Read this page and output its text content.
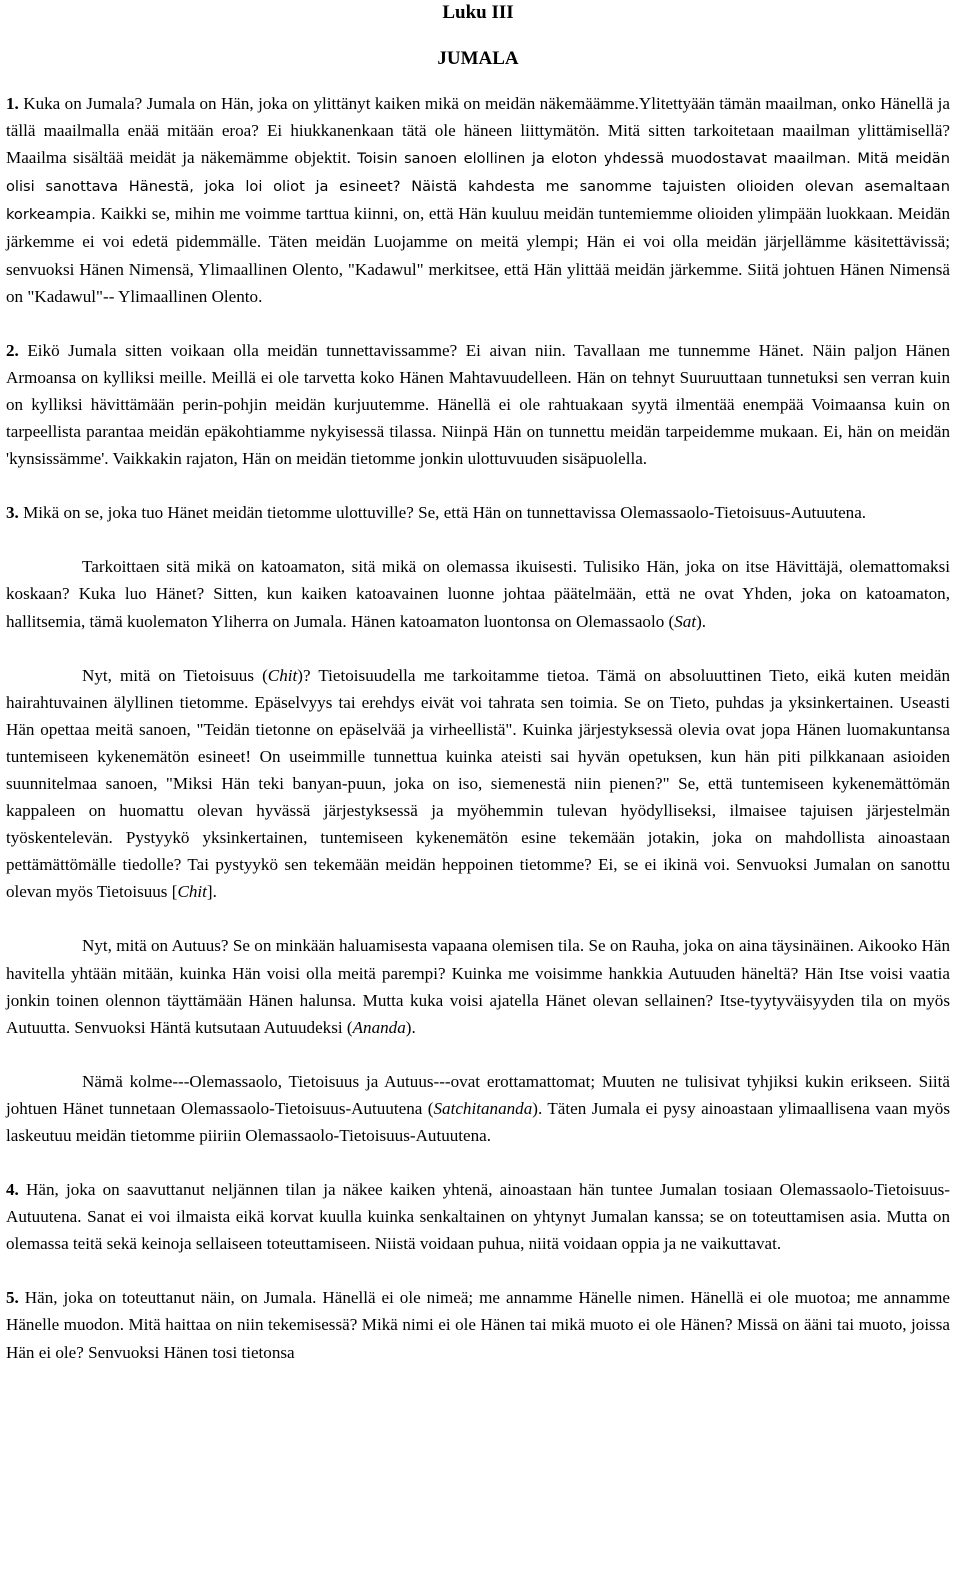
Luku III
JUMALA

1. Kuka on Jumala? Jumala on Hän, joka on ylittänyt kaiken mikä on meidän näkemäämme.Ylitettyään tämän maailman, onko Hänellä ja tällä maailmalla enää mitään eroa? Ei hiukkanenkaan tätä ole häneen liittymätön. Mitä sitten tarkoitetaan maailman ylittämisellä? Maailma sisältää meidät ja näkemämme objektit. Toisin sanoen elollinen ja eloton yhdessä muodostavat maailman. Mitä meidän olisi sanottava Hänestä, joka loi oliot ja esineet? Näistä kahdesta me sanomme tajuisten olioiden olevan asemaltaan korkeampia. Kaikki se, mihin me voimme tarttua kiinni, on, että Hän kuuluu meidän tuntemiemme olioiden ylimpään luokkaan. Meidän järkemme ei voi edetä pidemmälle. Täten meidän Luojamme on meitä ylempi; Hän ei voi olla meidän järjellämme käsitettävissä; senvuoksi Hänen Nimensä, Ylimaallinen Olento, "Kadawul" merkitsee, että Hän ylittää meidän järkemme. Siitä johtuen Hänen Nimensä on "Kadawul"-- Ylimaallinen Olento.

2. Eikö Jumala sitten voikaan olla meidän tunnettavissamme? Ei aivan niin. Tavallaan me tunnemme Hänet. Näin paljon Hänen Armoansa on kylliksi meille. Meillä ei ole tarvetta koko Hänen Mahtavuudelleen. Hän on tehnyt Suuruuttaan tunnetuksi sen verran kuin on kylliksi hävittämään perin-pohjin meidän kurjuutemme. Hänellä ei ole rahtuakaan syytä ilmentää enempää Voimaansa kuin on tarpeellista parantaa meidän epäkohtiamme nykyisessä tilassa. Niinpä Hän on tunnettu meidän tarpeidemme mukaan. Ei, hän on meidän 'kynsissämme'. Vaikkakin rajaton, Hän on meidän tietomme jonkin ulottuvuuden sisäpuolella.

3. Mikä on se, joka tuo Hänet meidän tietomme ulottuville? Se, että Hän on tunnettavissa Olemassaolo-Tietoisuus-Autuutena.

Tarkoittaen sitä mikä on katoamaton, sitä mikä on olemassa ikuisesti. Tulisiko Hän, joka on itse Hävittäjä, olemattomaksi koskaan? Kuka luo Hänet? Sitten, kun kaiken katoavainen luonne johtaa päätelmään, että ne ovat Yhden, joka on katoamaton, hallitsemia, tämä kuolematon Yliherra on Jumala. Hänen katoamaton luontonsa on Olemassaolo (Sat).

Nyt, mitä on Tietoisuus (Chit)? Tietoisuudella me tarkoitamme tietoa. Tämä on absoluuttinen Tieto, eikä kuten meidän hairahtuvainen älyllinen tietomme. Epäselvyys tai erehdys eivät voi tahrata sen toimia. Se on Tieto, puhdas ja yksinkertainen. Useasti Hän opettaa meitä sanoen, "Teidän tietonne on epäselvää ja virheellistä". Kuinka järjestyksessä olevia ovat jopa Hänen luomakuntansa tuntemiseen kykenemätön esineet! On useimmille tunnettua kuinka ateisti sai hyvän opetuksen, kun hän piti pilkkanaan asioiden suunnitelmaa sanoen, "Miksi Hän teki banyan-puun, joka on iso, siemenestä niin pienen?" Se, että tuntemiseen kykenemättömän kappaleen on huomattu olevan hyvässä järjestyksessä ja myöhemmin tulevan hyödylliseksi, ilmaisee tajuisen järjestelmän työskentelevän. Pystyykö yksinkertainen, tuntemiseen kykenemätön esine tekemään jotakin, joka on mahdollista ainoastaan pettämättömälle tiedolle? Tai pystyykö sen tekemään meidän heppoinen tietomme? Ei, se ei ikinä voi. Senvuoksi Jumalan on sanottu olevan myös Tietoisuus [Chit].

Nyt, mitä on Autuus? Se on minkään haluamisesta vapaana olemisen tila. Se on Rauha, joka on aina täysinäinen. Aikooko Hän havitella yhtään mitään, kuinka Hän voisi olla meitä parempi? Kuinka me voisimme hankkia Autuuden häneltä? Hän Itse voisi vaatia jonkin toinen olennon täyttämään Hänen halunsa. Mutta kuka voisi ajatella Hänet olevan sellainen? Itse-tyytyväisyyden tila on myös Autuutta. Senvuoksi Häntä kutsutaan Autuudeksi (Ananda).

Nämä kolme---Olemassaolo, Tietoisuus ja Autuus---ovat erottamattomat; Muuten ne tulisivat tyhjiksi kukin erikseen. Siitä johtuen Hänet tunnetaan Olemassaolo-Tietoisuus-Autuutena (Satchitananda). Täten Jumala ei pysy ainoastaan ylimaallisena vaan myös laskeutuu meidän tietomme piiriin Olemassaolo-Tietoisuus-Autuutena.

4. Hän, joka on saavuttanut neljännen tilan ja näkee kaiken yhtenä, ainoastaan hän tuntee Jumalan tosiaan Olemassaolo-Tietoisuus-Autuutena. Sanat ei voi ilmaista eikä korvat kuulla kuinka senkaltainen on yhtynyt Jumalan kanssa; se on toteuttamisen asia. Mutta on olemassa teitä sekä keinoja sellaiseen toteuttamiseen. Niistä voidaan puhua, niitä voidaan oppia ja ne vaikuttavat.

5. Hän, joka on toteuttanut näin, on Jumala. Hänellä ei ole nimeä; me annamme Hänelle nimen. Hänellä ei ole muotoa; me annamme Hänelle muodon. Mitä haittaa on niin tekemisessä? Mikä nimi ei ole Hänen tai mikä muoto ei ole Hänen? Missä on ääni tai muoto, joissa Hän ei ole? Senvuoksi Hänen tosi tietonsa
